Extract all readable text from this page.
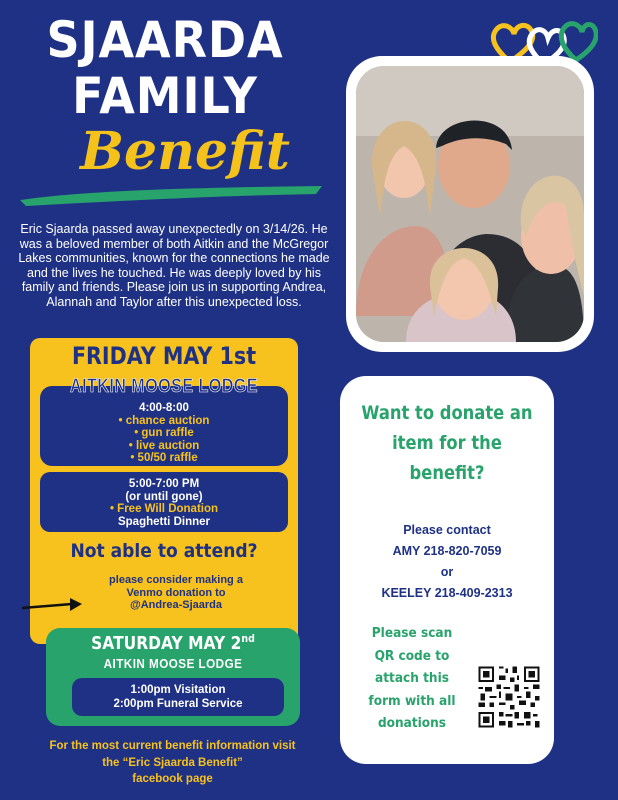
SJAARDA
FAMILY
Benefit
Eric Sjaarda passed away unexpectedly on 3/14/26. He was a beloved member of both Aitkin and the McGregor Lakes communities, known for the connections he made and the lives he touched. He was deeply loved by his family and friends. Please join us in supporting Andrea, Alannah and Taylor after this unexpected loss.
FRIDAY MAY 1st
4:00-8:00
• chance auction
• gun raffle
• live auction
• 50/50 raffle
AITKIN MOOSE LODGE
5:00-7:00 PM
(or until gone)
• Free Will Donation
Spaghetti Dinner
Not able to attend?
please consider making a
Venmo donation to
@Andrea-Sjaarda
SATURDAY MAY 2nd
AITKIN MOOSE LODGE
1:00pm Visitation
2:00pm Funeral Service
For the most current benefit information visit
the “Eric Sjaarda Benefit”
facebook page
Want to donate an
item for the
benefit?
Please contact
AMY 218-820-7059
or
KEELEY 218-409-2313
Please scan
QR code to
attach this
form with all
donations
